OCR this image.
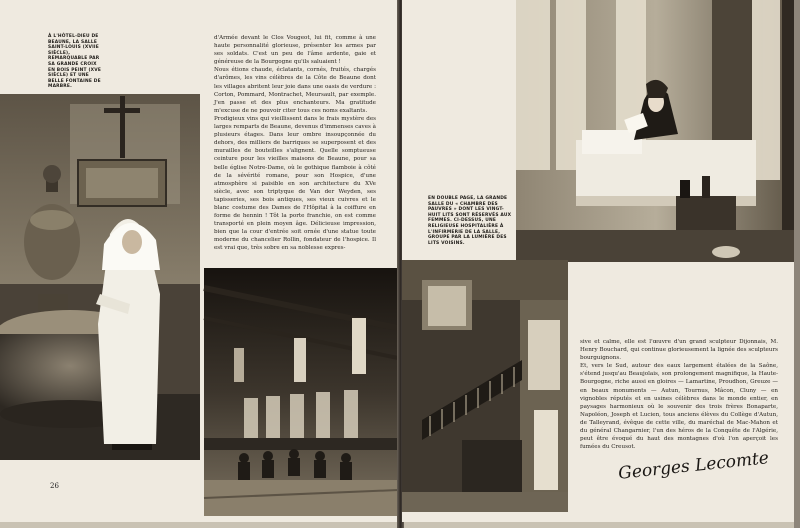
À L'HÔTEL-DIEU DE BEAUNE, LA SALLE SAINT-LOUIS (XVIIE SIÈCLE), REMARQUABLE PAR SA GRANDE CROIX EN BOIS PEINT (XVE SIÈCLE) ET UNE BELLE FONTAINE DE MARBRE.
d'Armée devant le Clos Vougeot, lui fit, comme à une haute personnalité glorieuse, présenter les armes par ses soldats. C'est un peu de l'âme ardente, gaie et généreuse de la Bourgogne qu'ils saluaient !
Nous étions chaude, éclatants, cornés, fruités, chargés d'arômes, les vins célèbres de la Côte de Beaune dont les villages abritent leur joie dans une oasis de verdure : Corton, Pommard, Montrachet, Meursault, par exemple. J'en passe et des plus enchanteurs. Ma gratitude m'excuse de ne pouvoir citer tous ces noms exaltants.
Prodigieux vins qui vieillissent dans le frais mystère des larges remparts de Beaune, devenus d'immenses caves à plusieurs étages. Dans leur ombre insoupçonnée du dehors, des milliers de barriques se superposent et des murailles de bouteilles s'alignent. Quelle somptueuse ceinture pour les vieilles maisons de Beaune, pour sa belle église Notre-Dame, où le gothique flamboie à côté de la sévérité romane, pour son Hospice, d'une atmosphère si paisible en son architecture du XVe siècle, avec son triptyque de Van der Weyden, ses tapisseries, ses bois antiques, ses vieux cuivres et le blanc costume des Dames de l'Hôpital à la coiffure en forme de hennin ! Tôt la porte franchie, on est comme transporté en plein moyen âge. Délicieuse impression, bien que la cour d'entrée soit ornée d'une statue toute moderne du chancelier Rollin, fondateur de l'hospice. Il est vrai que, très sobre en sa noblesse expres-
26
EN DOUBLE PAGE, LA GRANDE SALLE DU « CHAMBRE DES PAUVRES » DONT LES VINGT-HUIT LITS SONT RÉSERVÉS AUX FEMMES. CI-DESSUS, UNE RELIGIEUSE HOSPITALIÈRE À L'INFIRMERIE DE LA SALLE, GROUPE PAR LA LUMIÈRE DES LITS VOISINS.
sive et calme, elle est l'œuvre d'un grand sculpteur Dijonnais, M. Henry Bouchard, qui continue glorieusement la lignée des sculpteurs bourguignons.
Et, vers le Sud, autour des eaux largement étalées de la Saône, s'étend jusqu'au Beaujolais, son prolongement magnifique, la Haute-Bourgogne, riche aussi en gloires — Lamartine, Proudhon, Greuze — en beaux monuments — Autun, Tournus, Mâcon, Cluny — en vignobles réputés et en usines célèbres dans le monde entier, en paysages harmonieux où le souvenir des trois frères Bonaparte, Napoléon, Joseph et Lucien, tous anciens élèves du Collège d'Autun, de Talleyrand, évêque de cette ville, du maréchal de Mac-Mahon et du général Changarnier, l'un des héros de la Conquête de l'Algérie, peut être évoqué du haut des montagnes d'où l'on aperçoit les fumées du Creusot.
Georges Lecomte
